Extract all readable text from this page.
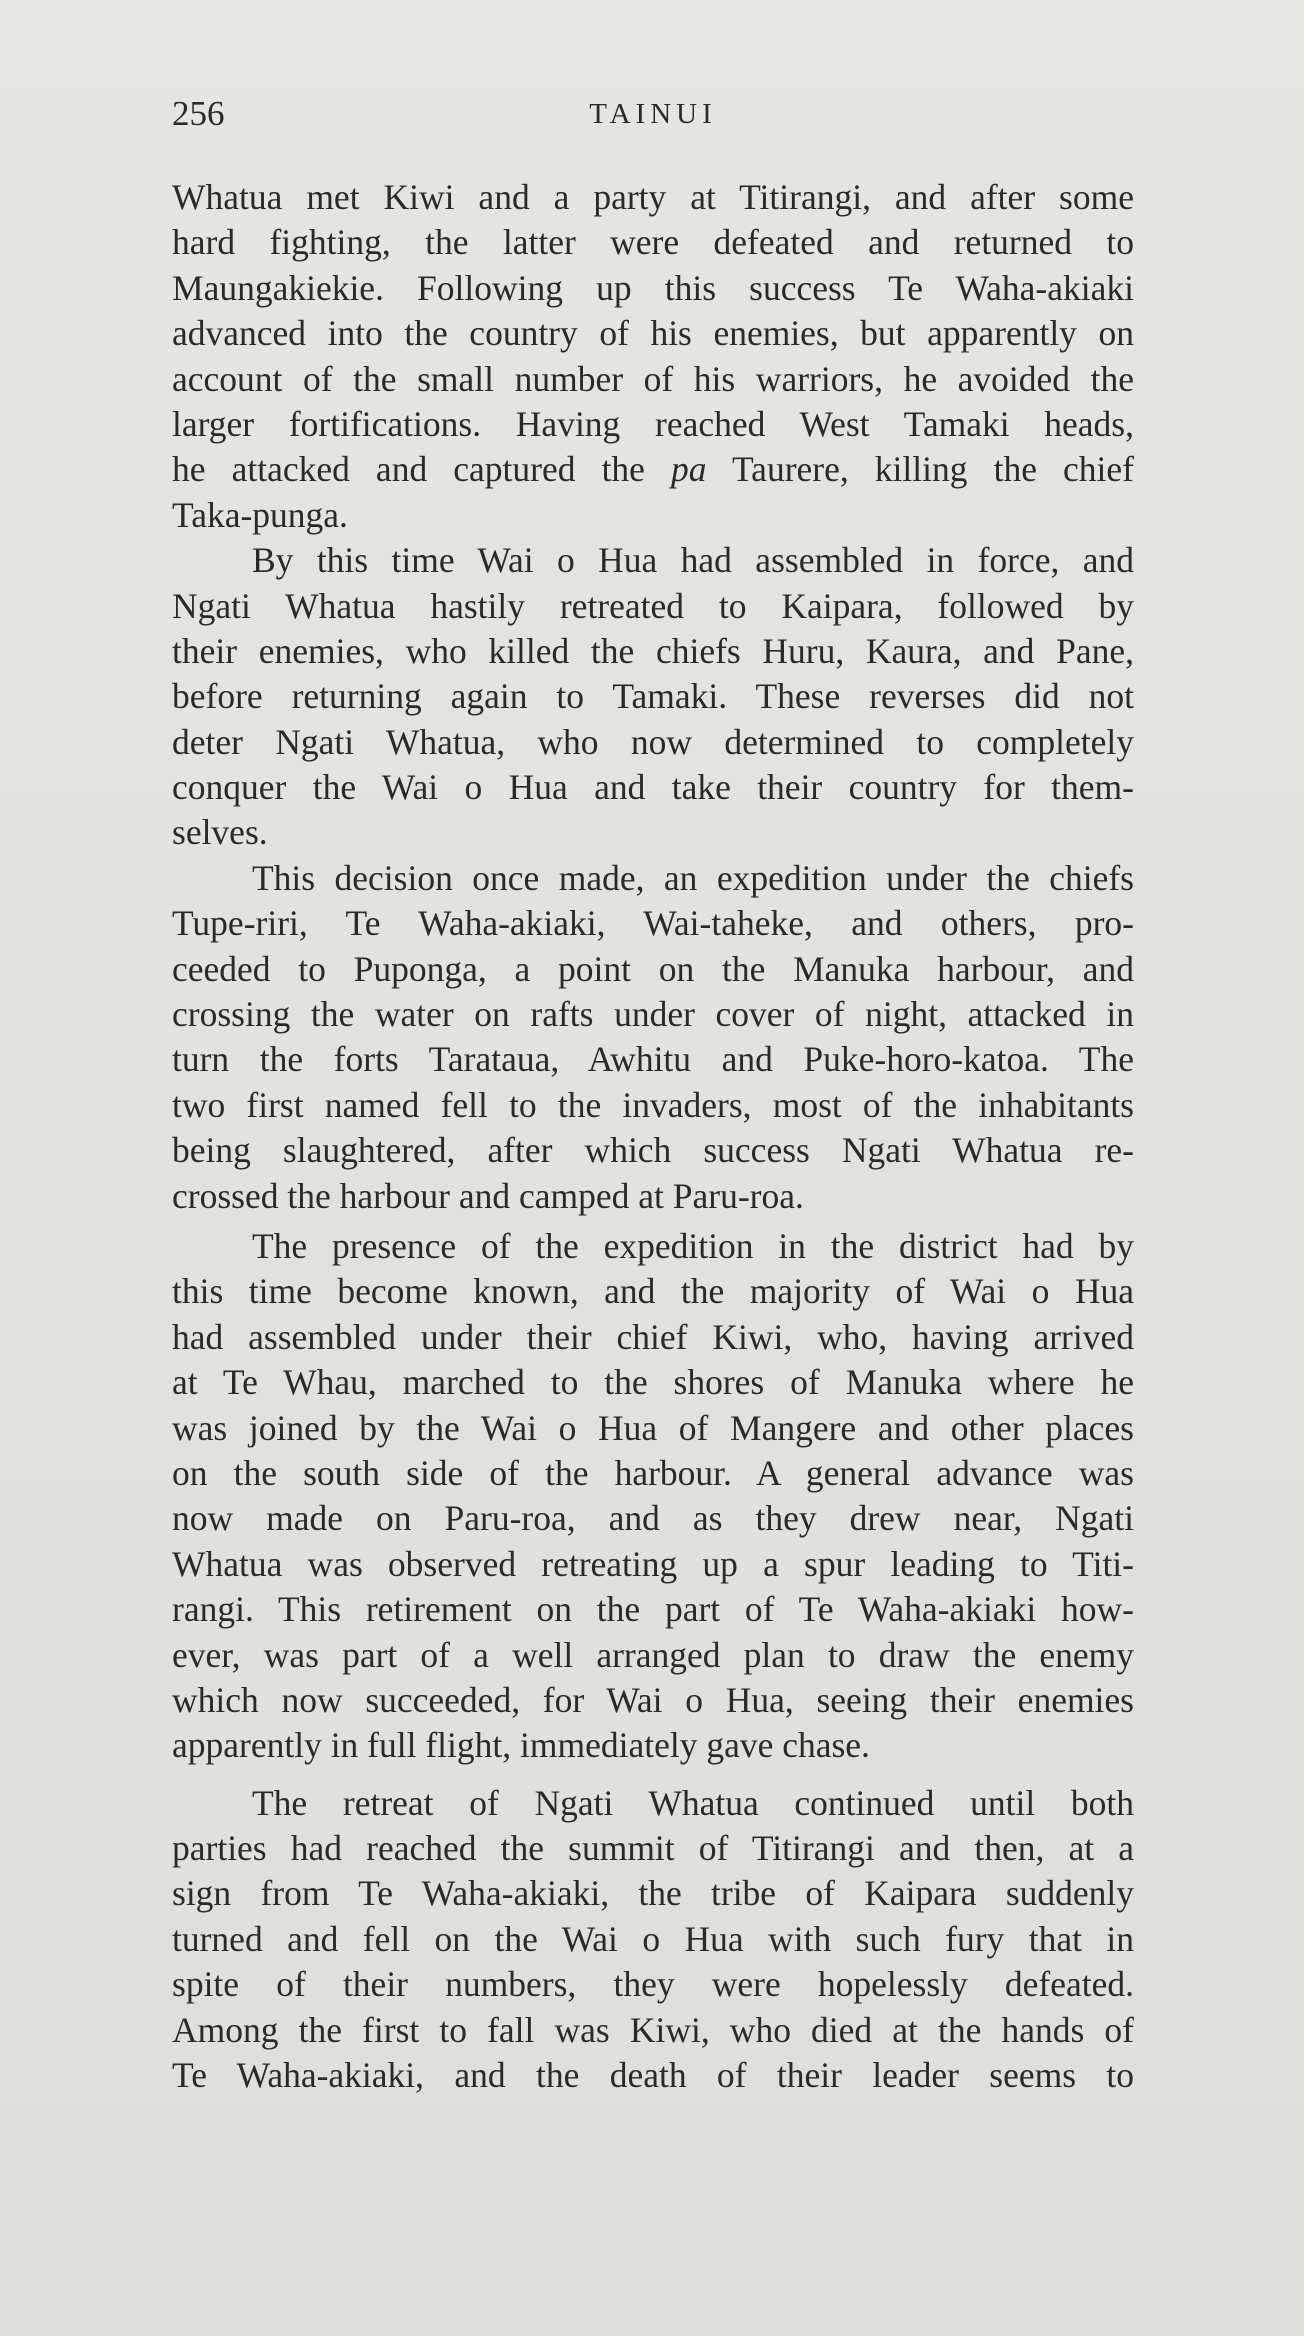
256	TAINUI
Whatua met Kiwi and a party at Titirangi, and after some
hard fighting, the latter were defeated and returned to
Maungakiekie. Following up this success Te Waha-akiaki
advanced into the country of his enemies, but apparently on
account of the small number of his warriors, he avoided the
larger fortifications. Having reached West Tamaki heads,
he attacked and captured the pa Taurere, killing the chief
Taka-punga.
By this time Wai o Hua had assembled in force, and
Ngati Whatua hastily retreated to Kaipara, followed by
their enemies, who killed the chiefs Huru, Kaura, and Pane,
before returning again to Tamaki. These reverses did not
deter Ngati Whatua, who now determined to completely
conquer the Wai o Hua and take their country for them-
selves.
This decision once made, an expedition under the chiefs
Tupe-riri, Te Waha-akiaki, Wai-taheke, and others, pro-
ceeded to Puponga, a point on the Manuka harbour, and
crossing the water on rafts under cover of night, attacked in
turn the forts Tarataua, Awhitu and Puke-horo-katoa. The
two first named fell to the invaders, most of the inhabitants
being slaughtered, after which success Ngati Whatua re-
crossed the harbour and camped at Paru-roa.
The presence of the expedition in the district had by
this time become known, and the majority of Wai o Hua
had assembled under their chief Kiwi, who, having arrived
at Te Whau, marched to the shores of Manuka where he
was joined by the Wai o Hua of Mangere and other places
on the south side of the harbour. A general advance was
now made on Paru-roa, and as they drew near, Ngati
Whatua was observed retreating up a spur leading to Titi-
rangi. This retirement on the part of Te Waha-akiaki how-
ever, was part of a well arranged plan to draw the enemy
which now succeeded, for Wai o Hua, seeing their enemies
apparently in full flight, immediately gave chase.
The retreat of Ngati Whatua continued until both
parties had reached the summit of Titirangi and then, at a
sign from Te Waha-akiaki, the tribe of Kaipara suddenly
turned and fell on the Wai o Hua with such fury that in
spite of their numbers, they were hopelessly defeated.
Among the first to fall was Kiwi, who died at the hands of
Te Waha-akiaki, and the death of their leader seems to
